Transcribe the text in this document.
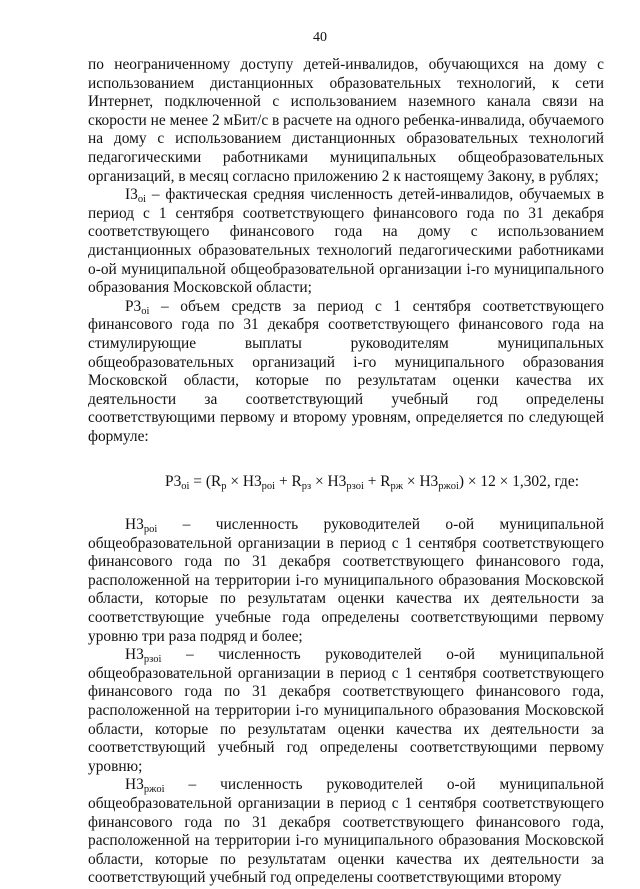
40

по неограниченному доступу детей-инвалидов, обучающихся на дому с использованием дистанционных образовательных технологий, к сети Интернет, подключенной с использованием наземного канала связи на скорости не менее 2 мБит/с в расчете на одного ребенка-инвалида, обучаемого на дому с использованием дистанционных образовательных технологий педагогическими работниками муниципальных общеобразовательных организаций, в месяц согласно приложению 2 к настоящему Закону, в рублях;

$I3_{oi}$ – фактическая средняя численность детей-инвалидов, обучаемых в период с 1 сентября соответствующего финансового года по 31 декабря соответствующего финансового года на дому с использованием дистанционных образовательных технологий педагогическими работниками o-ой муниципальной общеобразовательной организации i-го муниципального образования Московской области;

$P3_{oi}$ – объем средств за период с 1 сентября соответствующего финансового года по 31 декабря соответствующего финансового года на стимулирующие выплаты руководителям муниципальных общеобразовательных организаций i-го муниципального образования Московской области, которые по результатам оценки качества их деятельности за соответствующий учебный год определены соответствующими первому и второму уровням, определяется по следующей формуле:

$P3_{oi} = (R_p \times Н3_{poi} + R_{pз} \times Н3_{pзoi} + R_{pж} \times Н3_{pжoi}) \times 12 \times 1,302$, где:

$Н3_{poi}$ – численность руководителей o-ой муниципальной общеобразовательной организации в период с 1 сентября соответствующего финансового года по 31 декабря соответствующего финансового года, расположенной на территории i-го муниципального образования Московской области, которые по результатам оценки качества их деятельности за соответствующие учебные года определены соответствующими первому уровню три раза подряд и более;

$Н3_{pзoi}$ – численность руководителей o-ой муниципальной общеобразовательной организации в период с 1 сентября соответствующего финансового года по 31 декабря соответствующего финансового года, расположенной на территории i-го муниципального образования Московской области, которые по результатам оценки качества их деятельности за соответствующий учебный год определены соответствующими первому уровню;

$Н3_{pжoi}$ – численность руководителей o-ой муниципальной общеобразовательной организации в период с 1 сентября соответствующего финансового года по 31 декабря соответствующего финансового года, расположенной на территории i-го муниципального образования Московской области, которые по результатам оценки качества их деятельности за соответствующий учебный год определены соответствующими второму
